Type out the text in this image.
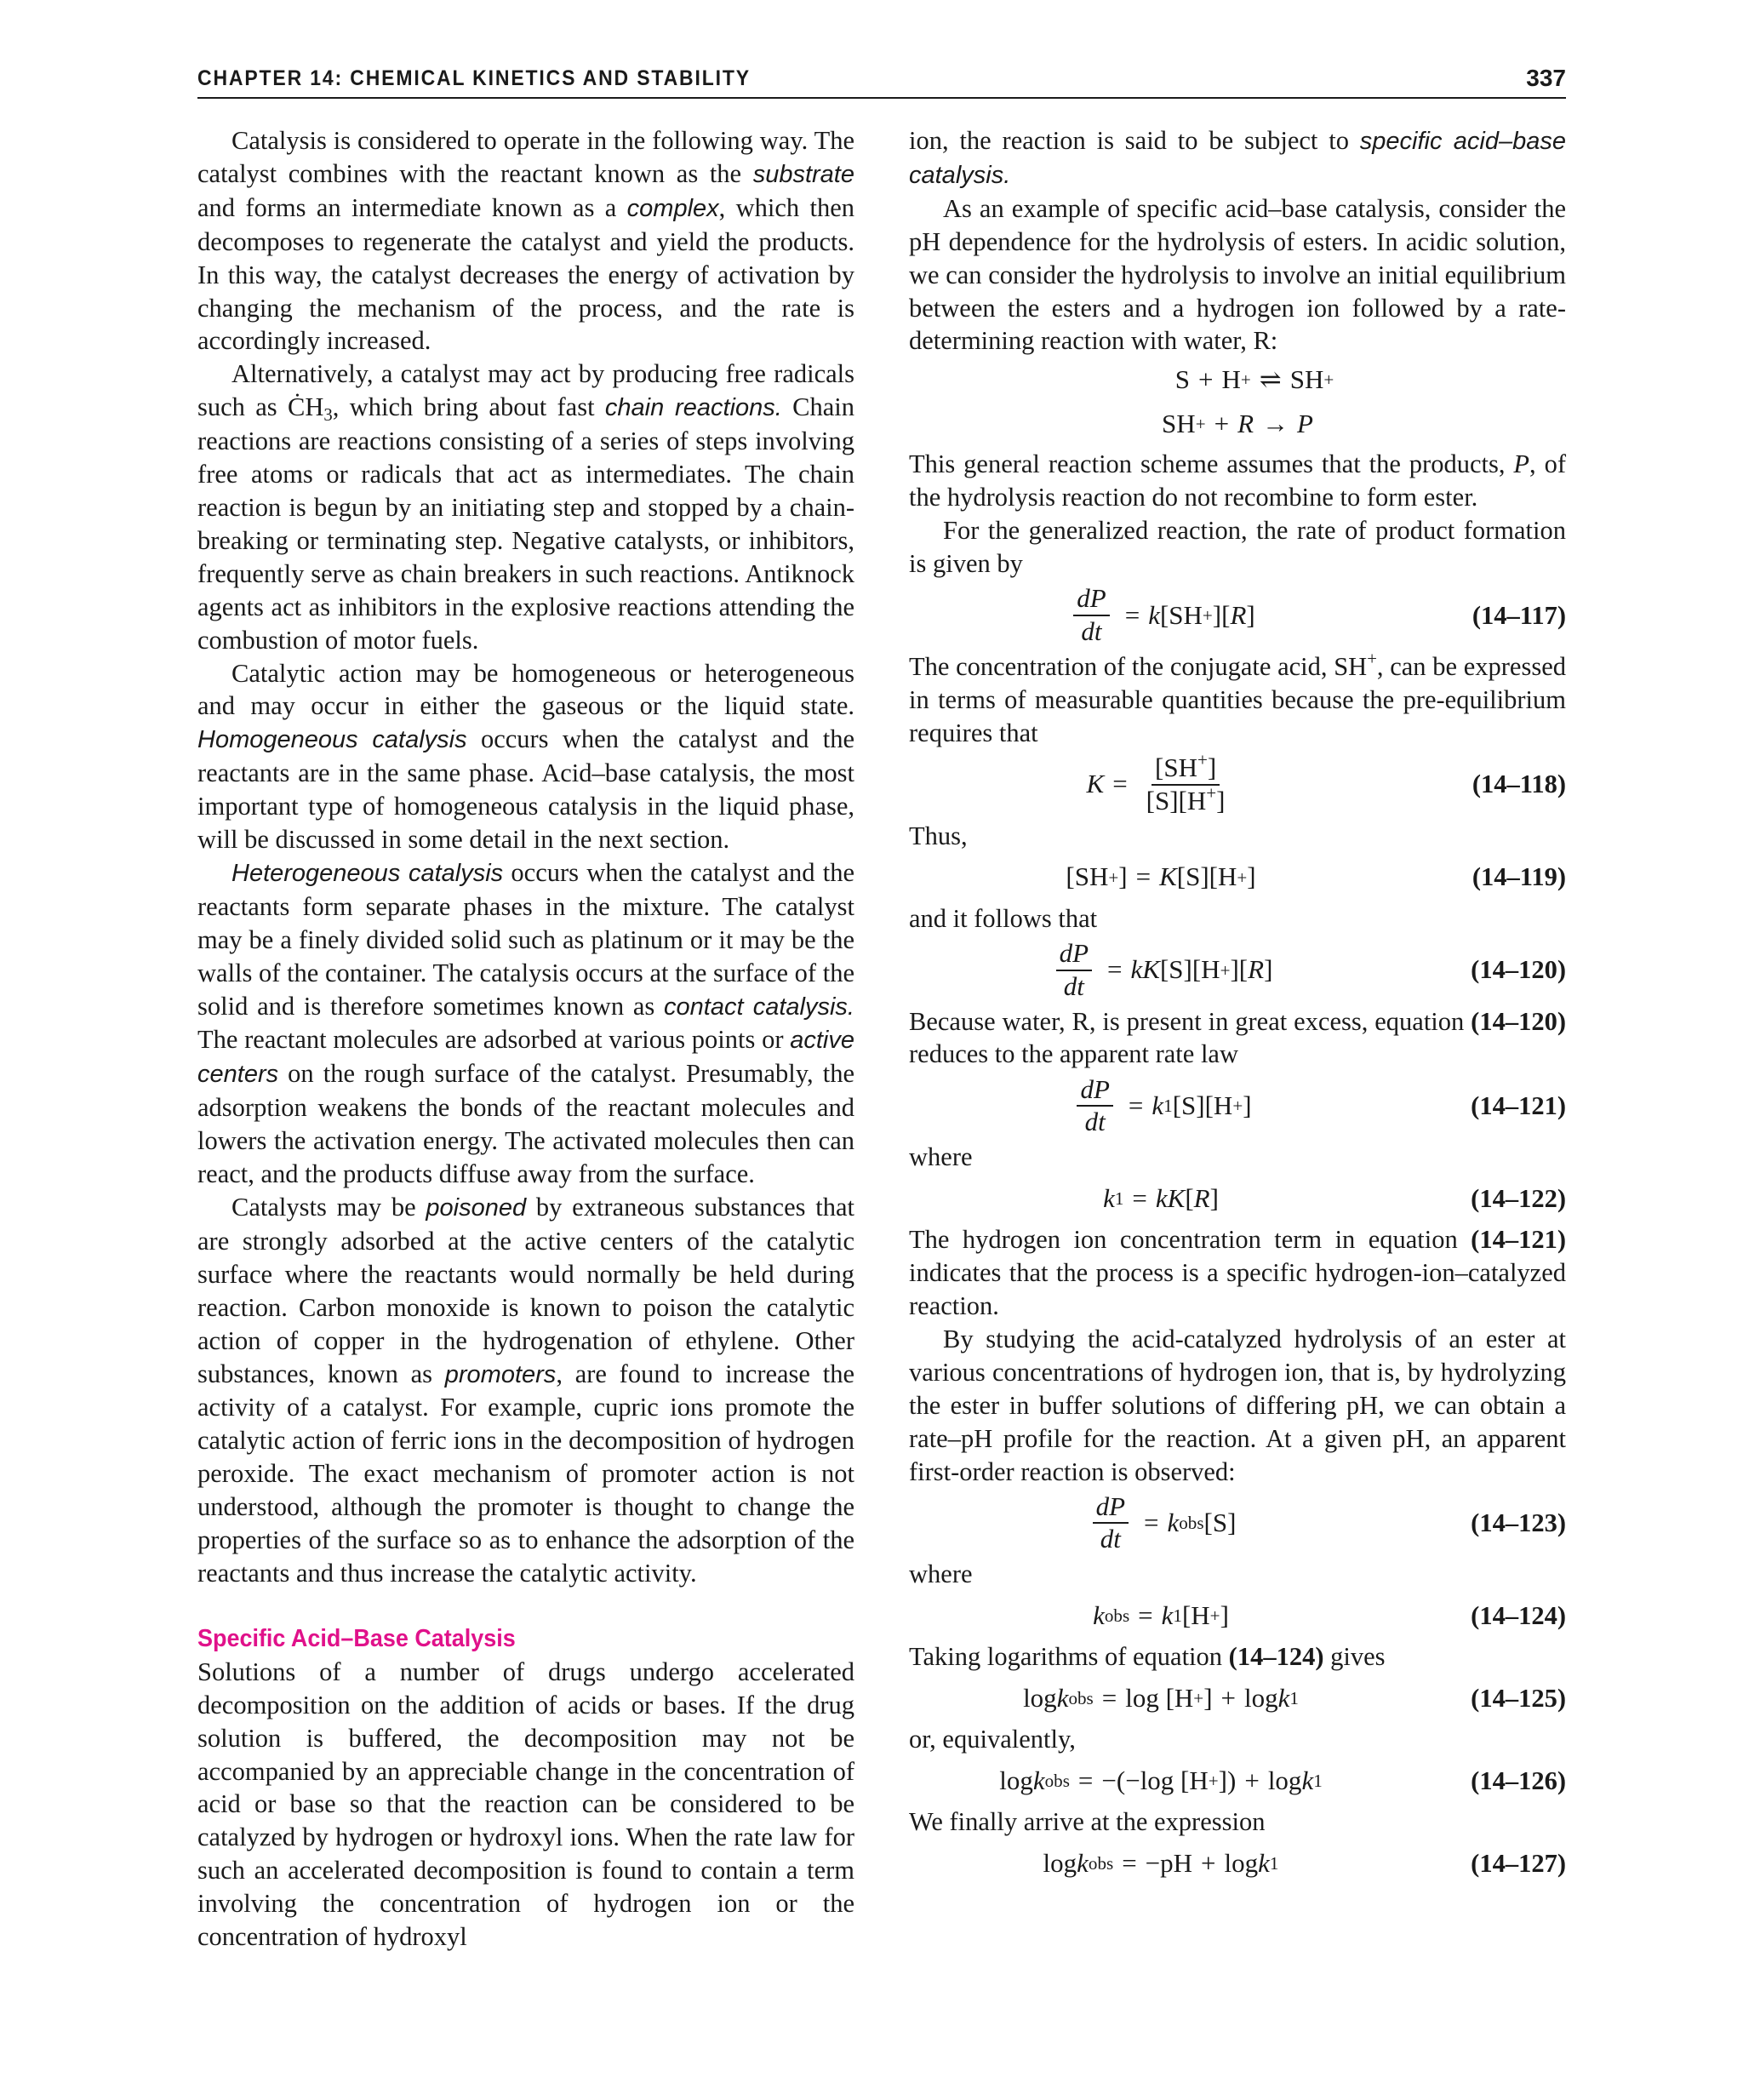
CHAPTER 14: CHEMICAL KINETICS AND STABILITY	337

Catalysis is considered to operate in the following way. The catalyst combines with the reactant known as the substrate and forms an intermediate known as a complex, which then decomposes to regenerate the catalyst and yield the products. In this way, the catalyst decreases the energy of activation by changing the mechanism of the process, and the rate is accordingly increased.

Alternatively, a catalyst may act by producing free radicals such as $ĊH_3$, which bring about fast chain reactions. Chain reactions are reactions consisting of a series of steps involving free atoms or radicals that act as intermediates. The chain reaction is begun by an initiating step and stopped by a chain-breaking or terminating step. Negative catalysts, or inhibitors, frequently serve as chain breakers in such reactions. Antiknock agents act as inhibitors in the explosive reactions attending the combustion of motor fuels.

Catalytic action may be homogeneous or heterogeneous and may occur in either the gaseous or the liquid state. Homogeneous catalysis occurs when the catalyst and the reactants are in the same phase. Acid–base catalysis, the most important type of homogeneous catalysis in the liquid phase, will be discussed in some detail in the next section.

Heterogeneous catalysis occurs when the catalyst and the reactants form separate phases in the mixture. The catalyst may be a finely divided solid such as platinum or it may be the walls of the container. The catalysis occurs at the surface of the solid and is therefore sometimes known as contact catalysis. The reactant molecules are adsorbed at various points or active centers on the rough surface of the catalyst. Presumably, the adsorption weakens the bonds of the reactant molecules and lowers the activation energy. The activated molecules then can react, and the products diffuse away from the surface.

Catalysts may be poisoned by extraneous substances that are strongly adsorbed at the active centers of the catalytic surface where the reactants would normally be held during reaction. Carbon monoxide is known to poison the catalytic action of copper in the hydrogenation of ethylene. Other substances, known as promoters, are found to increase the activity of a catalyst. For example, cupric ions promote the catalytic action of ferric ions in the decomposition of hydrogen peroxide. The exact mechanism of promoter action is not understood, although the promoter is thought to change the properties of the surface so as to enhance the adsorption of the reactants and thus increase the catalytic activity.

Specific Acid–Base Catalysis

Solutions of a number of drugs undergo accelerated decomposition on the addition of acids or bases. If the drug solution is buffered, the decomposition may not be accompanied by an appreciable change in the concentration of acid or base so that the reaction can be considered to be catalyzed by hydrogen or hydroxyl ions. When the rate law for such an accelerated decomposition is found to contain a term involving the concentration of hydrogen ion or the concentration of hydroxyl

ion, the reaction is said to be subject to specific acid–base catalysis.

As an example of specific acid–base catalysis, consider the pH dependence for the hydrolysis of esters. In acidic solution, we can consider the hydrolysis to involve an initial equilibrium between the esters and a hydrogen ion followed by a rate-determining reaction with water, R:

S + H + ⇌ SH +
SH + + R → P

This general reaction scheme assumes that the products, P, of the hydrolysis reaction do not recombine to form ester.

For the generalized reaction, the rate of product formation is given by

$\frac{dP}{dt} = k$ [SH + ][ R ]	(14–117)

The concentration of the conjugate acid, SH+, can be expressed in terms of measurable quantities because the pre-equilibrium requires that

$K = \frac{[SH^+]}{[S][H^+]}$	(14–118)

Thus,

[SH + ] = K [S][H + ]	(14–119)

and it follows that

$\frac{dP}{dt}$ = kK [S][H + ][ R ]	(14–120)

Because water, R, is present in great excess, equation (14–120) reduces to the apparent rate law

$\frac{dP}{dt} = k$ 1 [S][H + ]	(14–121)

where

k 1 = kK [ R ]	(14–122)

The hydrogen ion concentration term in equation (14–121) indicates that the process is a specific hydrogen-ion–catalyzed reaction.

By studying the acid-catalyzed hydrolysis of an ester at various concentrations of hydrogen ion, that is, by hydrolyzing the ester in buffer solutions of differing pH, we can obtain a rate–pH profile for the reaction. At a given pH, an apparent first-order reaction is observed:

$\frac{dP}{dt} = k$ obs [S]	(14–123)

where

k obs = k 1 [H + ]	(14–124)

Taking logarithms of equation (14–124) gives

log k obs = log [H + ] + log k 1	(14–125)

or, equivalently,

log k obs = −(−log [H + ]) + log k 1	(14–126)

We finally arrive at the expression

log k obs = −pH + log k 1	(14–127)
